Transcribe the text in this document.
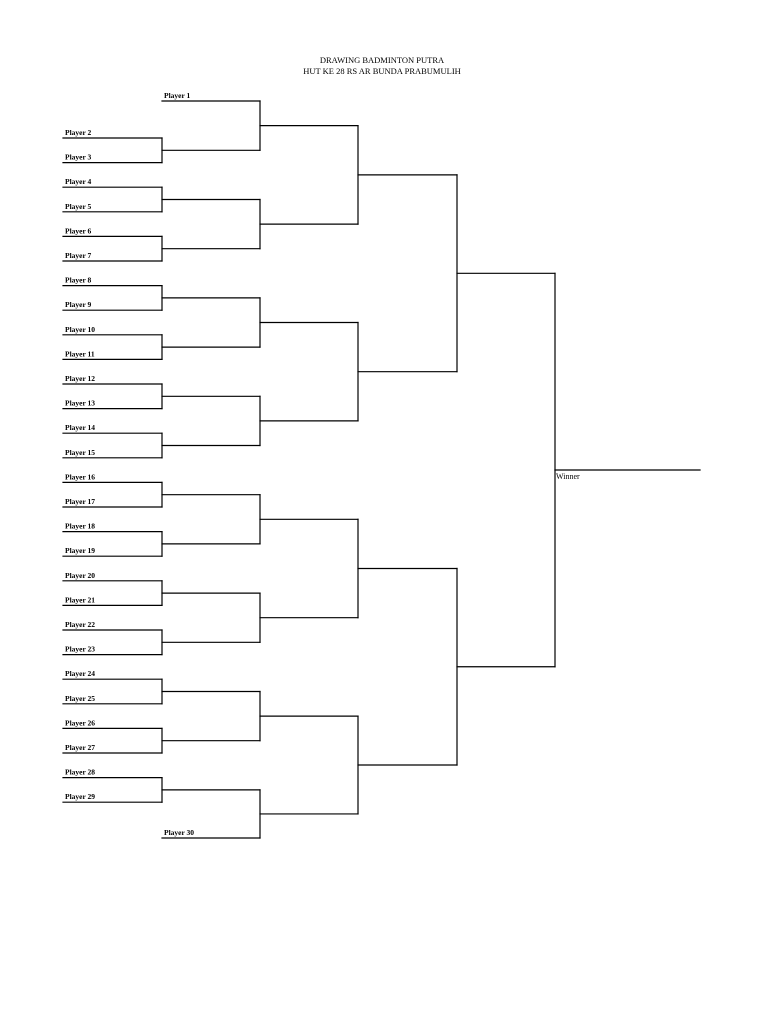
Player 2
Player 3
Player 4
Player 5
Player 6
Player 7
Player 8
Player 9
Player 10
Player 11
Player 12
Player 13
Player 14
Player 15
Player 16
Player 17
Player 18
Player 19
Player 20
Player 21
Player 22
Player 23
Player 24
Player 25
Player 26
Player 27
Player 28
Player 29
Player 1
Player 30
DRAWING BADMINTON PUTRA
HUT KE 28 RS AR BUNDA PRABUMULIH
Winner
